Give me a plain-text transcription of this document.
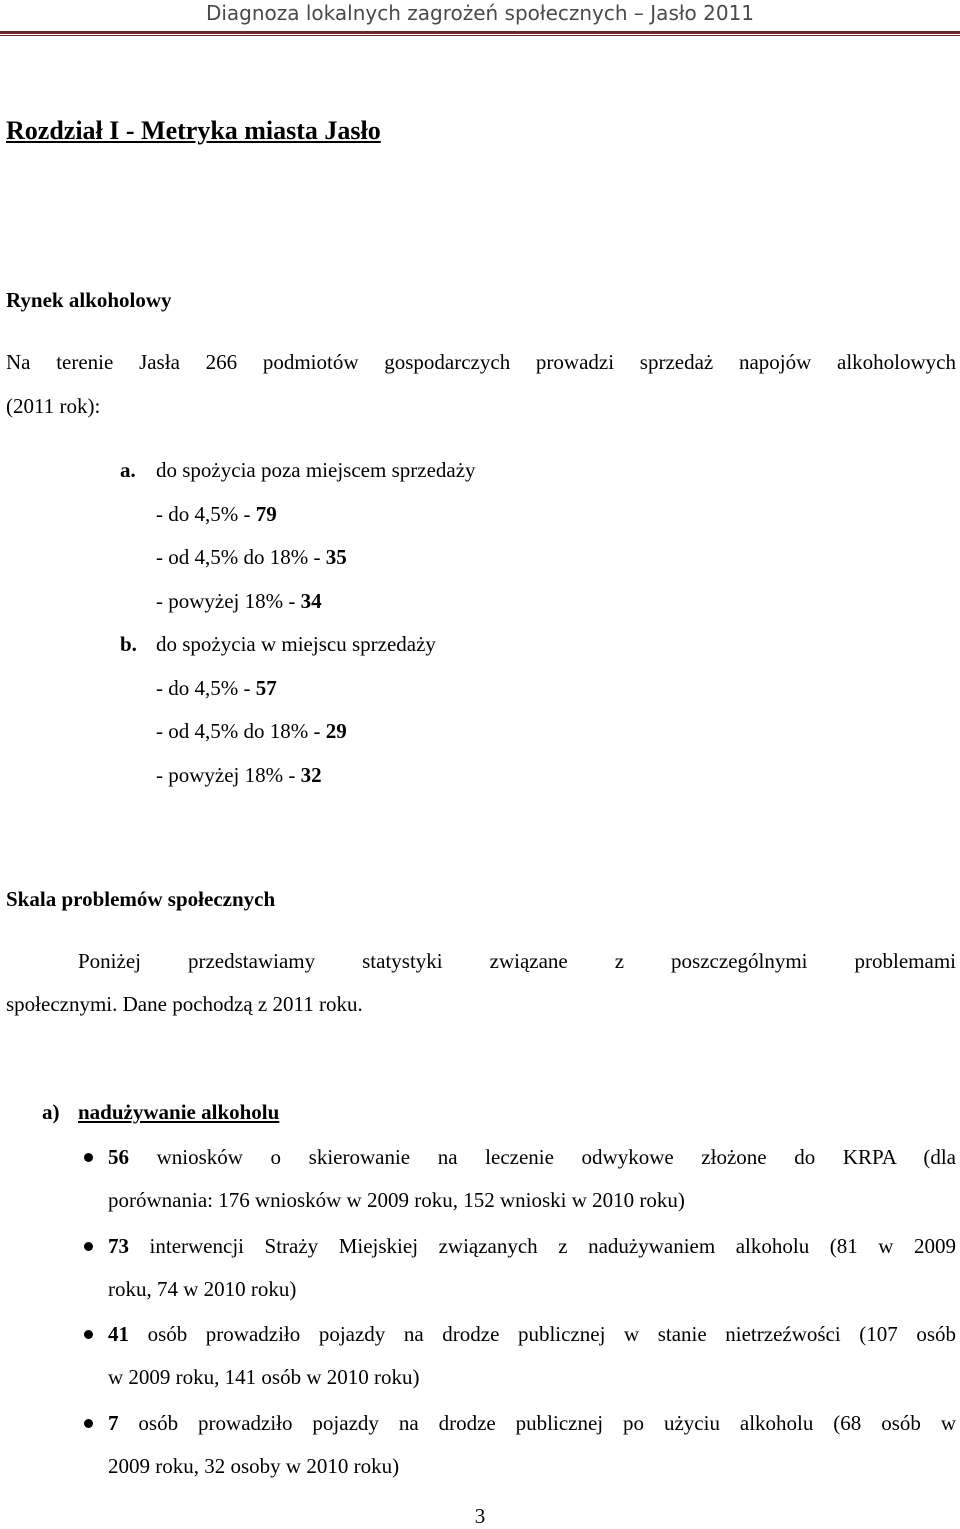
Diagnoza lokalnych zagrożeń społecznych – Jasło 2011
Rozdział I - Metryka miasta Jasło
Rynek alkoholowy
Na terenie Jasła 266 podmiotów gospodarczych prowadzi sprzedaż napojów alkoholowych
(2011 rok):
a. do spożycia poza miejscem sprzedaży
- do 4,5% - 79
- od 4,5% do 18% - 35
- powyżej 18% - 34
b. do spożycia w miejscu sprzedaży
- do 4,5% - 57
- od 4,5% do 18% - 29
- powyżej 18% - 32
Skala problemów społecznych
Poniżej przedstawiamy statystyki związane z poszczególnymi problemami
społecznymi. Dane pochodzą z 2011 roku.
a) nadużywanie alkoholu
56 wniosków o skierowanie na leczenie odwykowe złożone do KRPA (dla
porównania: 176 wniosków w 2009 roku, 152 wnioski w 2010 roku)
73 interwencji Straży Miejskiej związanych z nadużywaniem alkoholu (81 w 2009
roku, 74 w 2010 roku)
41 osób prowadziło pojazdy na drodze publicznej w stanie nietrzeźwości (107 osób
w 2009 roku, 141 osób w 2010 roku)
7 osób prowadziło pojazdy na drodze publicznej po użyciu alkoholu (68 osób w
2009 roku, 32 osoby w 2010 roku)
3
